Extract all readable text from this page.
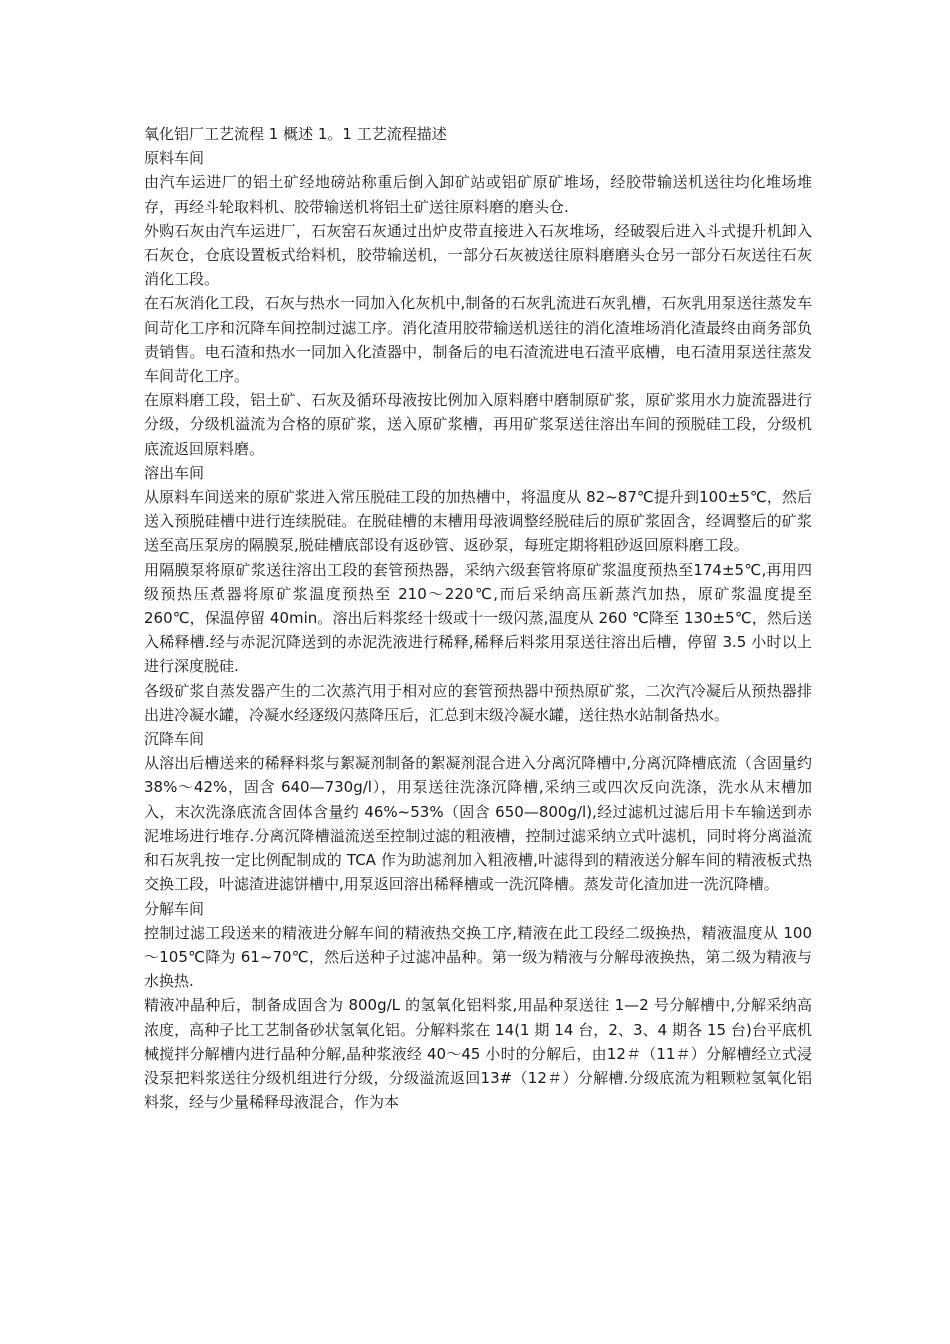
氧化铝厂工艺流程 1 概述 1。1 工艺流程描述

原料车间

由汽车运进厂的铝土矿经地磅站称重后倒入卸矿站或铝矿原矿堆场，经胶带输送机送往均化堆场堆存，再经斗轮取料机、胶带输送机将铝土矿送往原料磨的磨头仓.

外购石灰由汽车运进厂，石灰窑石灰通过出炉皮带直接进入石灰堆场，经破裂后进入斗式提升机卸入石灰仓，仓底设置板式给料机，胶带输送机，一部分石灰被送往原料磨磨头仓另一部分石灰送往石灰消化工段。

在石灰消化工段，石灰与热水一同加入化灰机中,制备的石灰乳流进石灰乳槽，石灰乳用泵送往蒸发车间苛化工序和沉降车间控制过滤工序。消化渣用胶带输送机送往的消化渣堆场消化渣最终由商务部负责销售。电石渣和热水一同加入化渣器中，制备后的电石渣流进电石渣平底槽，电石渣用泵送往蒸发车间苛化工序。

在原料磨工段，铝土矿、石灰及循环母液按比例加入原料磨中磨制原矿浆，原矿浆用水力旋流器进行分级，分级机溢流为合格的原矿浆，送入原矿浆槽，再用矿浆泵送往溶出车间的预脱硅工段，分级机底流返回原料磨。

溶出车间

从原料车间送来的原矿浆进入常压脱硅工段的加热槽中，将温度从 82~87℃提升到100±5℃，然后送入预脱硅槽中进行连续脱硅。在脱硅槽的末槽用母液调整经脱硅后的原矿浆固含，经调整后的矿浆送至高压泵房的隔膜泵,脱硅槽底部设有返砂管、返砂泵，每班定期将粗砂返回原料磨工段。

用隔膜泵将原矿浆送往溶出工段的套管预热器，采纳六级套管将原矿浆温度预热至174±5℃,再用四级预热压煮器将原矿浆温度预热至 210～220℃,而后采纳高压新蒸汽加热，原矿浆温度提至 260℃，保温停留 40min。溶出后料浆经十级或十一级闪蒸,温度从 260 ℃降至 130±5℃，然后送入稀释槽.经与赤泥沉降送到的赤泥洗液进行稀释,稀释后料浆用泵送往溶出后槽，停留 3.5 小时以上进行深度脱硅.

各级矿浆自蒸发器产生的二次蒸汽用于相对应的套管预热器中预热原矿浆，二次汽冷凝后从预热器排出进冷凝水罐，冷凝水经逐级闪蒸降压后，汇总到末级冷凝水罐，送往热水站制备热水。

沉降车间

从溶出后槽送来的稀释料浆与絮凝剂制备的絮凝剂混合进入分离沉降槽中,分离沉降槽底流（含固量约 38%～42%，固含 640—730g/l），用泵送往洗涤沉降槽,采纳三或四次反向洗涤，洗水从末槽加入，末次洗涤底流含固体含量约 46%~53%（固含 650—800g/l),经过滤机过滤后用卡车输送到赤泥堆场进行堆存.分离沉降槽溢流送至控制过滤的粗液槽，控制过滤采纳立式叶滤机，同时将分离溢流和石灰乳按一定比例配制成的 TCA 作为助滤剂加入粗液槽,叶滤得到的精液送分解车间的精液板式热交换工段，叶滤渣进滤饼槽中,用泵返回溶出稀释槽或一洗沉降槽。蒸发苛化渣加进一洗沉降槽。

分解车间

控制过滤工段送来的精液进分解车间的精液热交换工序,精液在此工段经二级换热，精液温度从 100～105℃降为 61~70℃，然后送种子过滤冲晶种。第一级为精液与分解母液换热，第二级为精液与水换热.

精液冲晶种后，制备成固含为 800g/L 的氢氧化铝料浆,用晶种泵送往 1—2 号分解槽中,分解采纳高浓度，高种子比工艺制备砂状氢氧化铝。分解料浆在 14(1 期 14 台，2、3、4 期各 15 台)台平底机械搅拌分解槽内进行晶种分解,晶种浆液经 40～45 小时的分解后，由12＃（11＃）分解槽经立式浸没泵把料浆送往分级机组进行分级，分级溢流返回13#（12＃）分解槽.分级底流为粗颗粒氢氧化铝料浆，经与少量稀释母液混合，作为本
